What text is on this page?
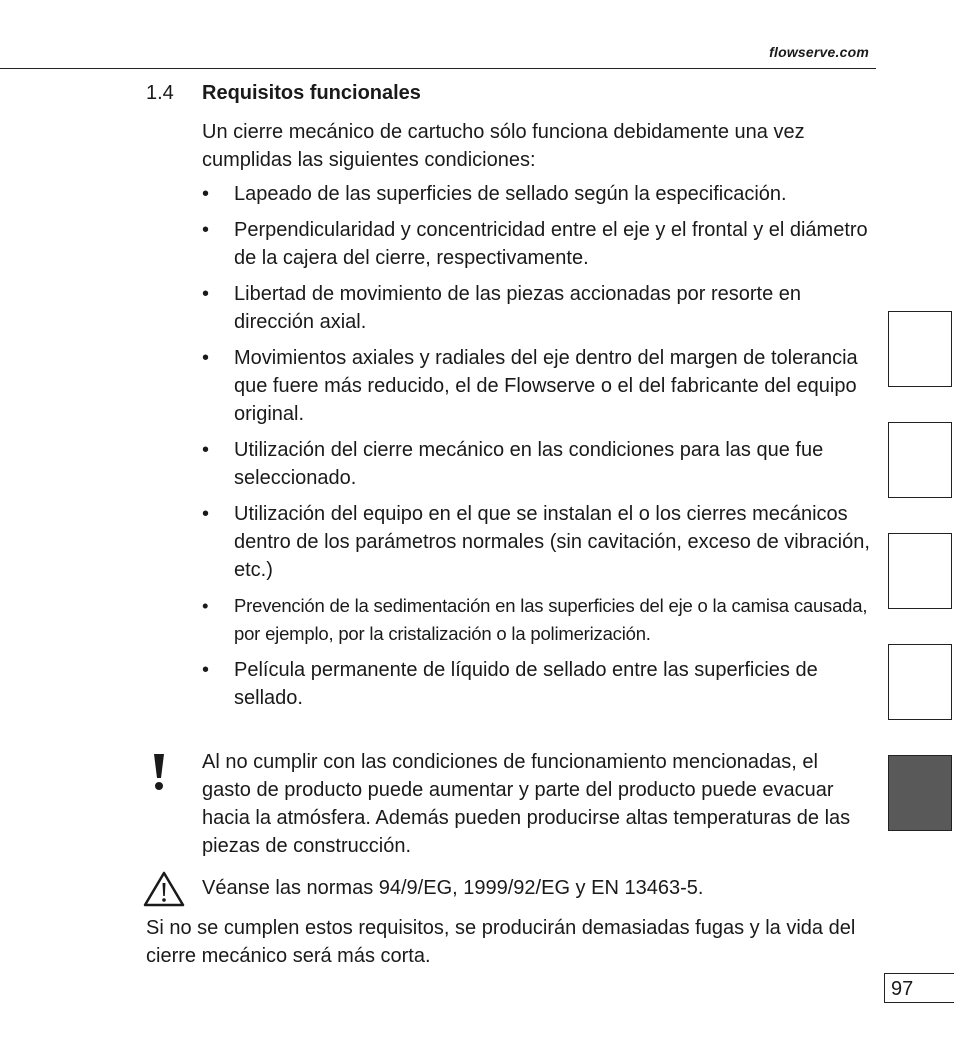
flowserve.com
1.4 Requisitos funcionales

Un cierre mecánico de cartucho sólo funciona debidamente una vez cumplidas las siguientes condiciones:

• Lapeado de las superficies de sellado según la especificación.
• Perpendicularidad y concentricidad entre el eje y el frontal y el diámetro de la cajera del cierre, respectivamente.
• Libertad de movimiento de las piezas accionadas por resorte en dirección axial.
• Movimientos axiales y radiales del eje dentro del margen de tolerancia que fuere más reducido, el de Flowserve o el del fabricante del equipo original.
• Utilización del cierre mecánico en las condiciones para las que fue seleccionado.
• Utilización del equipo en el que se instalan el o los cierres mecánicos dentro de los parámetros normales (sin cavitación, exceso de vibración, etc.)
• Prevención de la sedimentación en las superficies del eje o la camisa causada, por ejemplo, por la cristalización o la polimerización.
• Película permanente de líquido de sellado entre las superficies de sellado.

Al no cumplir con las condiciones de funcionamiento mencionadas, el gasto de producto puede aumentar y parte del producto puede evacuar hacia la atmósfera. Además pueden producirse altas temperaturas de las piezas de construcción.

Véanse las normas 94/9/EG, 1999/92/EG y EN 13463-5.

Si no se cumplen estos requisitos, se producirán demasiadas fugas y la vida del cierre mecánico será más corta.

97
